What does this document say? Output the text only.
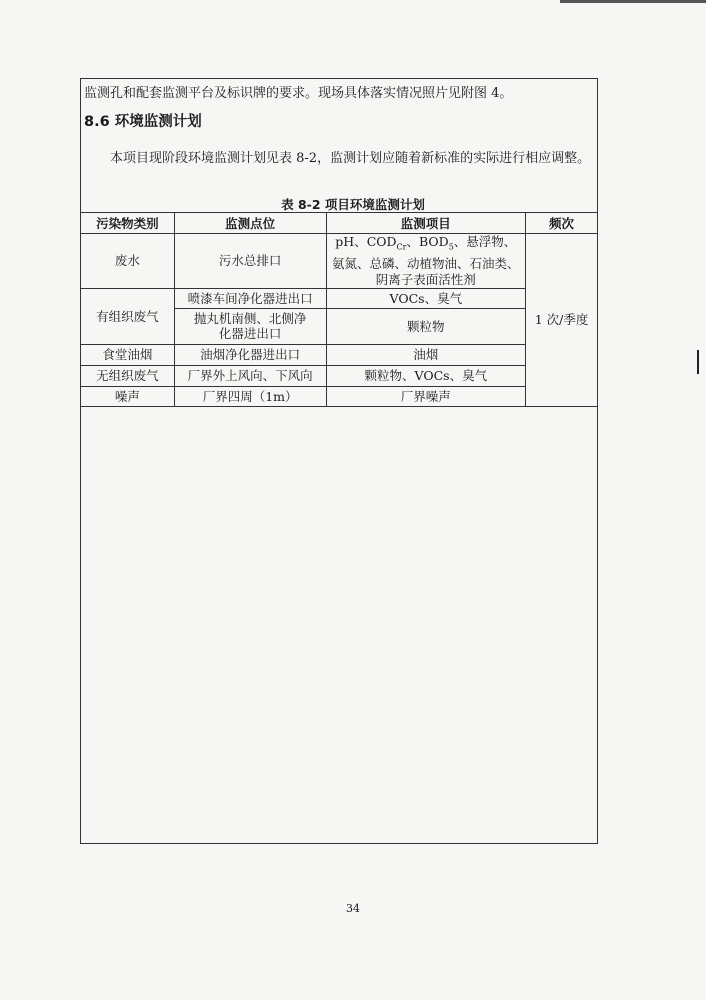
监测孔和配套监测平台及标识牌的要求。现场具体落实情况照片见附图 4。
8.6 环境监测计划
本项目现阶段环境监测计划见表 8-2，监测计划应随着新标准的实际进行相应调整。
表 8-2 项目环境监测计划
污染物类别	监测点位	监测项目	频次
废水	污水总排口	pH、$COD_{Cr}$、$BOD_5$、悬浮物、氨氮、总磷、动植物油、石油类、阴离子表面活性剂	1 次/季度
有组织废气	喷漆车间净化器进出口	VOCs、臭气	
	抛丸机南侧、北侧净化器进出口	颗粒物	
食堂油烟	油烟净化器进出口	油烟	
无组织废气	厂界外上风向、下风向	颗粒物、VOCs、臭气	
噪声	厂界四周（1m）	厂界噪声	
34
